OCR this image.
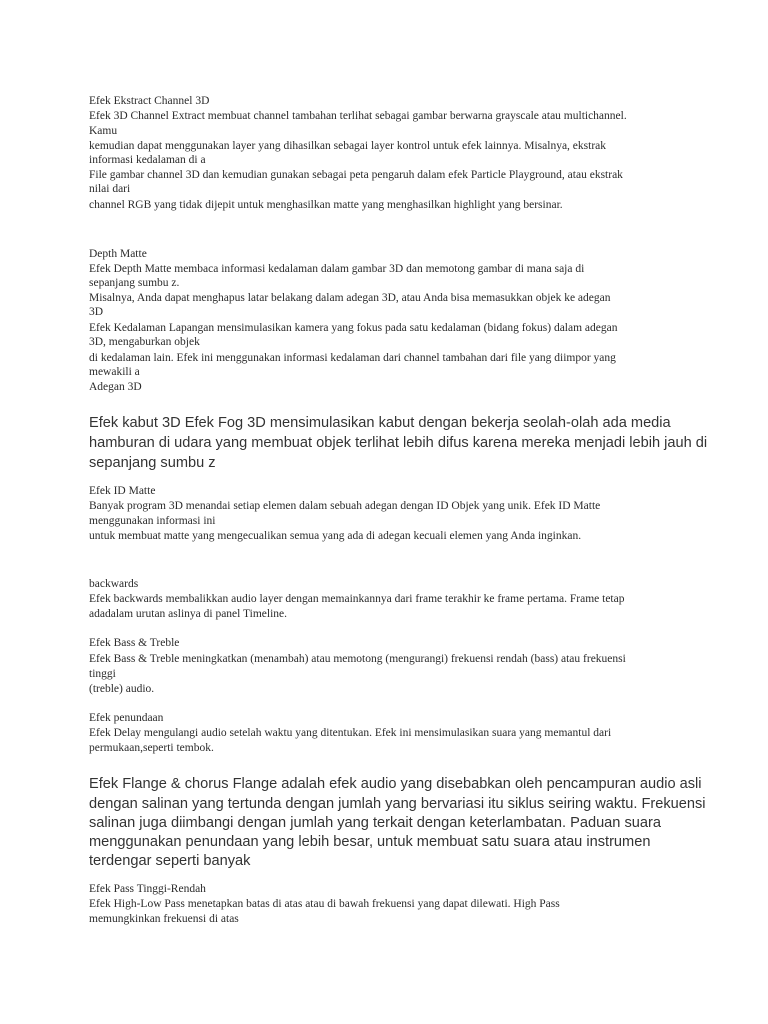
Efek Ekstract Channel 3D
Efek 3D Channel Extract membuat channel tambahan terlihat sebagai gambar berwarna grayscale atau multichannel.
Kamu
kemudian dapat menggunakan layer yang dihasilkan sebagai layer kontrol untuk efek lainnya. Misalnya, ekstrak
informasi kedalaman di a
File gambar channel 3D dan kemudian gunakan sebagai peta pengaruh dalam efek Particle Playground, atau ekstrak
nilai dari
channel RGB yang tidak dijepit untuk menghasilkan matte yang menghasilkan highlight yang bersinar.
Depth Matte
Efek Depth Matte membaca informasi kedalaman dalam gambar 3D dan memotong gambar di mana saja di
sepanjang sumbu z.
Misalnya, Anda dapat menghapus latar belakang dalam adegan 3D, atau Anda bisa memasukkan objek ke adegan
3D
Efek Kedalaman Lapangan mensimulasikan kamera yang fokus pada satu kedalaman (bidang fokus) dalam adegan
3D, mengaburkan objek
di kedalaman lain. Efek ini menggunakan informasi kedalaman dari channel tambahan dari file yang diimpor yang
mewakili a
Adegan 3D
Efek kabut 3D Efek Fog 3D mensimulasikan kabut dengan bekerja seolah-olah ada media
hamburan di udara yang membuat objek terlihat lebih difus karena mereka menjadi lebih jauh di
sepanjang sumbu z
Efek ID Matte
Banyak program 3D menandai setiap elemen dalam sebuah adegan dengan ID Objek yang unik. Efek ID Matte
menggunakan informasi ini
untuk membuat matte yang mengecualikan semua yang ada di adegan kecuali elemen yang Anda inginkan.
backwards
Efek backwards membalikkan audio layer dengan memainkannya dari frame terakhir ke frame pertama. Frame tetap
adadalam urutan aslinya di panel Timeline.
Efek Bass & Treble
Efek Bass & Treble meningkatkan (menambah) atau memotong (mengurangi) frekuensi rendah (bass) atau frekuensi
tinggi
(treble) audio.
Efek penundaan
Efek Delay mengulangi audio setelah waktu yang ditentukan. Efek ini mensimulasikan suara yang memantul dari
permukaan,seperti tembok.
Efek Flange & chorus Flange adalah efek audio yang disebabkan oleh pencampuran audio asli
dengan salinan yang tertunda dengan jumlah yang bervariasi itu siklus seiring waktu. Frekuensi
salinan juga diimbangi dengan jumlah yang terkait dengan keterlambatan. Paduan suara
menggunakan penundaan yang lebih besar, untuk membuat satu suara atau instrumen
terdengar seperti banyak
Efek Pass Tinggi-Rendah
Efek High-Low Pass menetapkan batas di atas atau di bawah frekuensi yang dapat dilewati. High Pass
memungkinkan frekuensi di atas
